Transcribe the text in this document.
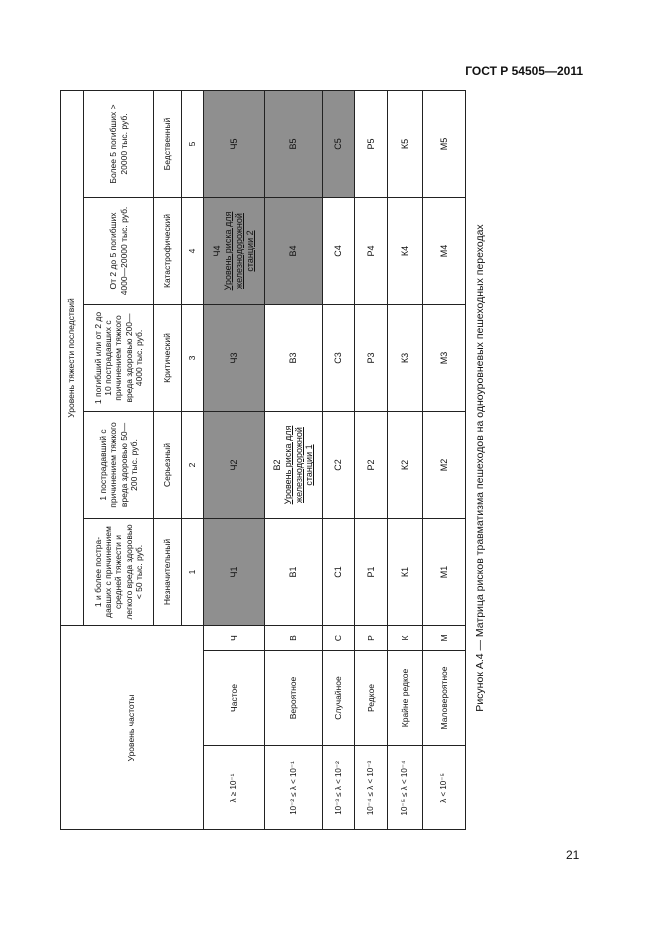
ГОСТ Р 54505—2011
Уровень частоты
Уровень тяжести последствий
1 и более постра-давших с причинением средней тяжести и легкого вреда здоровью < 50 тыс. руб.
1 пострадавший с причинением тяжкого вреда здоровью 50—200 тыс. руб.
1 погибший или от 2 до 10 пострадавших с причинением тяжкого вреда здоровью 200—4000 тыс. руб.
От 2 до 5 погибших 4000—20000 тыс. руб.
Более 5 погибших > 20000 тыс. руб.
Незначительный
Серьезный
Критический
Катастрофический
Бедственный
1
2
3
4
5
λ ≥ 10⁻¹
Частое
Ч
Ч1
Ч2
Ч3
Ч4 Уровень риска для железнодорожной станции 2
Ч5
10⁻² ≤ λ < 10⁻¹
Вероятное
В
В1
В2 Уровень риска для железнодорожной станции 1
В3
В4
В5
10⁻³ ≤ λ < 10⁻²
Случайное
С
С1
С2
С3
С4
С5
10⁻⁴ ≤ λ < 10⁻³
Редкое
Р
Р1
Р2
Р3
Р4
Р5
10⁻⁵ ≤ λ < 10⁻⁴
Крайне редкое
К
К1
К2
К3
К4
К5
λ < 10⁻⁵
Маловероятное
М
М1
М2
М3
М4
М5
Рисунок А.4 — Матрица рисков травматизма пешеходов на одноуровневых пешеходных переходах
21
